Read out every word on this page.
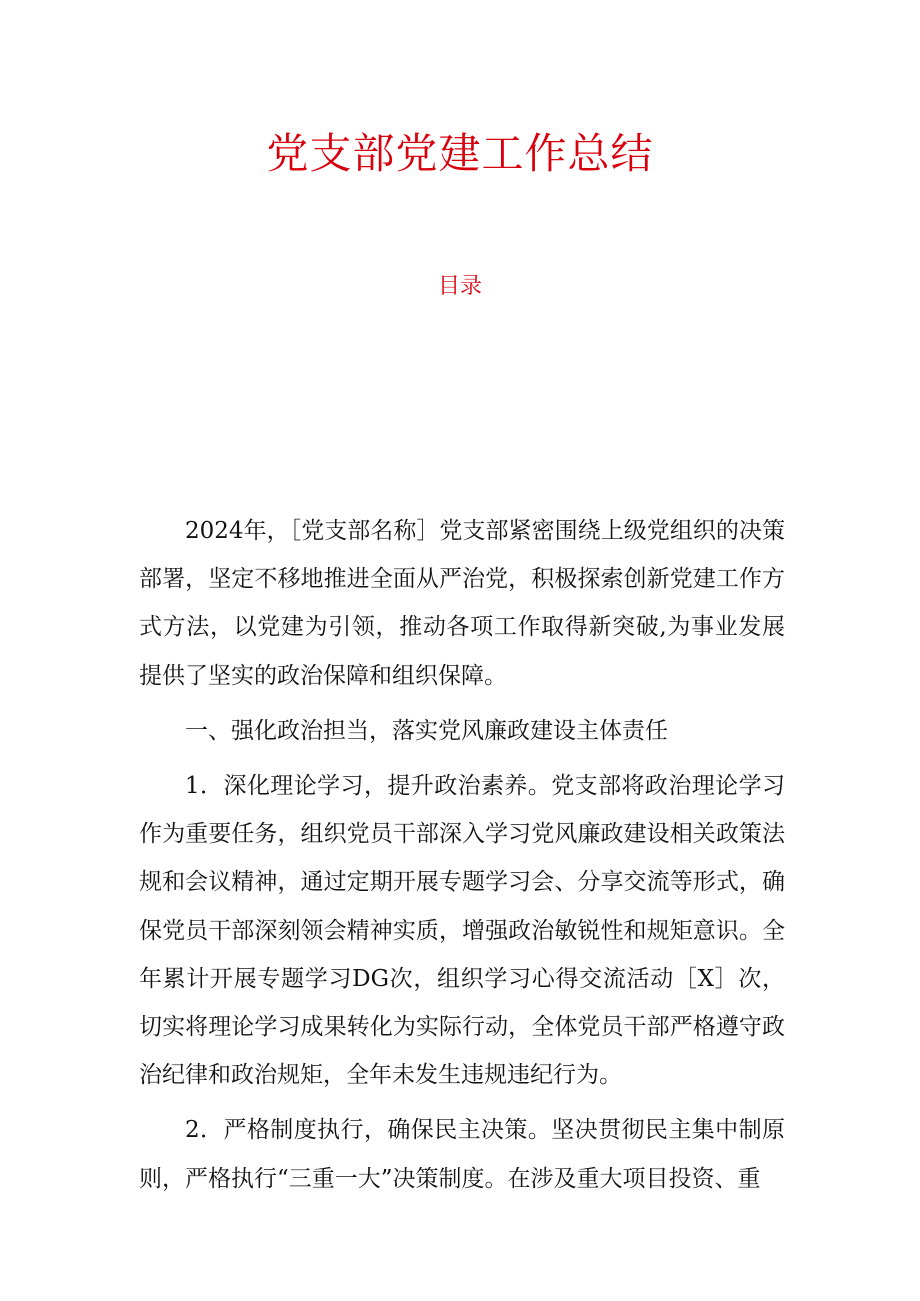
党支部党建工作总结
目录

2024年，［党支部名称］党支部紧密围绕上级党组织的决策部署，坚定不移地推进全面从严治党，积极探索创新党建工作方式方法，以党建为引领，推动各项工作取得新突破,为事业发展提供了坚实的政治保障和组织保障。

一、强化政治担当，落实党风廉政建设主体责任

1．深化理论学习，提升政治素养。党支部将政治理论学习作为重要任务，组织党员干部深入学习党风廉政建设相关政策法规和会议精神，通过定期开展专题学习会、分享交流等形式，确保党员干部深刻领会精神实质，增强政治敏锐性和规矩意识。全年累计开展专题学习DG次，组织学习心得交流活动［X］次，切实将理论学习成果转化为实际行动，全体党员干部严格遵守政治纪律和政治规矩，全年未发生违规违纪行为。

2．严格制度执行，确保民主决策。坚决贯彻民主集中制原则，严格执行“三重一大”决策制度。在涉及重大项目投资、重
